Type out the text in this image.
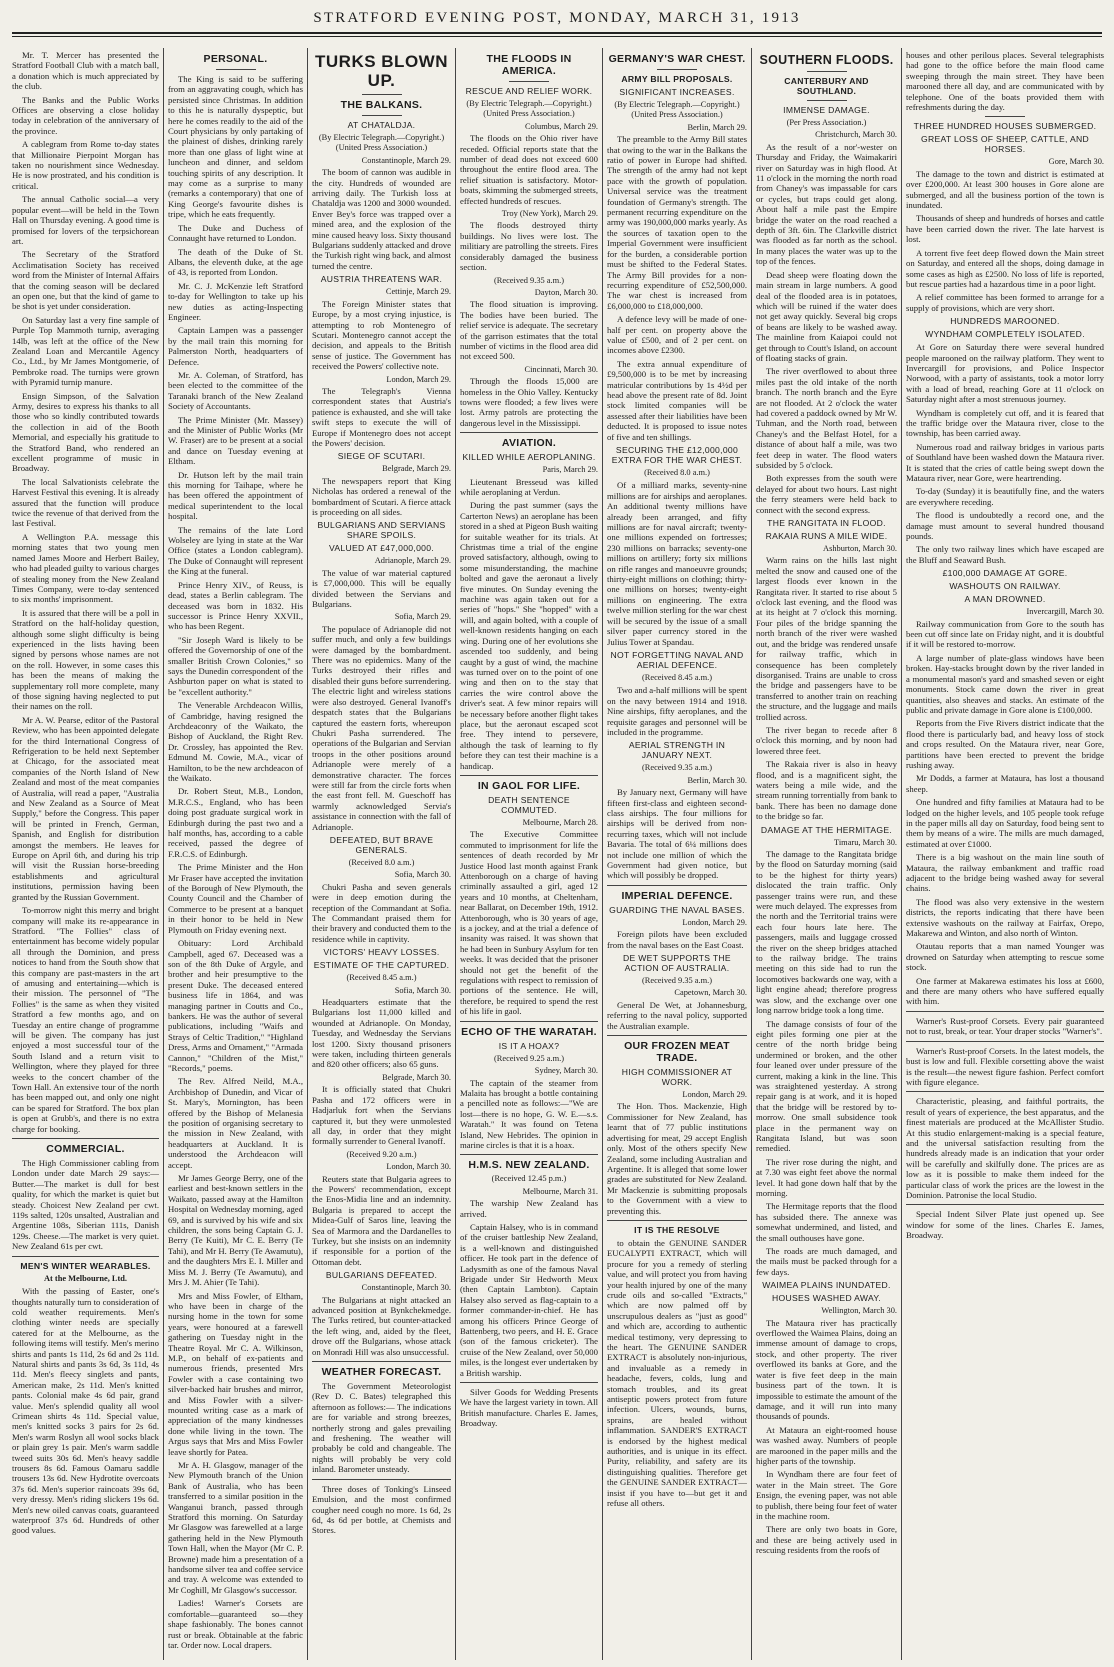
STRATFORD EVENING POST, MONDAY, MARCH 31, 1913

Mr. T. Mercer has presented the Stratford Football Club with a match ball, a donation which is much appreciated by the club.

The Banks and the Public Works Offices are observing a close holiday today in celebration of the anniversary of the province.

A cablegram from Rome to-day states that Millionaire Pierpoint Morgan has taken no nourishment since Wednesday. He is now prostrated, and his condition is critical.

The annual Catholic social—a very popular event—will be held in the Town Hall on Thursday evening. A good time is promised for lovers of the terpsichorean art.

The Secretary of the Stratford Acclimatisation Society has received word from the Minister of Internal Affairs that the coming season will be declared an open one, but that the kind of game to be shot is yet under consideration.

On Saturday last a very fine sample of Purple Top Mammoth turnip, averaging 14lb, was left at the office of the New Zealand Loan and Mercantile Agency Co., Ltd., by Mr James Montgomerie, of Pembroke road. The turnips were grown with Pyramid turnip manure.

Ensign Simpson, of the Salvation Army, desires to express his thanks to all those who so kindly contributed towards the collection in aid of the Booth Memorial, and especially his gratitude to the Stratford Band, who rendered an excellent programme of music in Broadway.

The local Salvationists celebrate the Harvest Festival this evening. It is already assured that the function will produce twice the revenue of that derived from the last Festival.

A Wellington P.A. message this morning states that two young men named James Moore and Herbert Bailey, who had pleaded guilty to various charges of stealing money from the New Zealand Times Company, were to-day sentenced to six months' imprisonment.

It is assured that there will be a poll in Stratford on the half-holiday question, although some slight difficulty is being experienced in the lists having been signed by persons whose names are not on the roll. However, in some cases this has been the means of making the supplementary roll more complete, many of those signing having neglected to put their names on the roll.

Mr A. W. Pearse, editor of the Pastoral Review, who has been appointed delegate for the third International Congress of Refrigeration to be held next September at Chicago, for the associated meat companies of the North Island of New Zealand and most of the meat companies of Australia, will read a paper, "Australia and New Zealand as a Source of Meat Supply," before the Congress. This paper will be printed in French, German, Spanish, and English for distribution amongst the members. He leaves for Europe on April 6th, and during his trip will visit the Russian horse-breeding establishments and agricultural institutions, permission having been granted by the Russian Government.

To-morrow night this merry and bright company will make its re-appearance in Stratford. "The Follies" class of entertainment has become widely popular all through the Dominion, and press notices to hand from the South show that this company are past-masters in the art of amusing and entertaining—which is their mission. The personnel of "The Follies" is the same as when they visited Stratford a few months ago, and on Tuesday an entire change of programme will be given. The company has just enjoyed a most successful tour of the South Island and a return visit to Wellington, where they played for three weeks to the concert chamber of the Town Hall. An extensive tour of the north has been mapped out, and only one night can be spared for Stratford. The box plan is open at Grubb's, and there is no extra charge for booking.

COMMERCIAL.

The High Commissioner cabling from London under date March 29 says:—Butter.—The market is dull for best quality, for which the market is quiet but steady. Choicest New Zealand per cwt. 119s salted, 120s unsalted, Australian and Argentine 108s, Siberian 111s, Danish 129s. Cheese.—The market is very quiet. New Zealand 61s per cwt.

MEN'S WINTER WEARABLES.
At the Melbourne, Ltd.

With the passing of Easter, one's thoughts naturally turn to consideration of cold weather requirements. Men's clothing winter needs are specially catered for at the Melbourne, as the following items will testify. Men's merino shirts and pants 1s 11d, 2s 6d and 2s 11d. Natural shirts and pants 3s 6d, 3s 11d, 4s 11d. Men's fleecy singlets and pants, American make, 2s 11d. Men's knitted pants. Colonial make 4s 6d pair, grand value. Men's splendid quality all wool Crimean shirts 4s 11d. Special value, men's knitted socks 3 pairs for 2s 6d. Men's warm Roslyn all wool socks black or plain grey 1s pair. Men's warm saddle tweed suits 30s 6d. Men's heavy saddle trousers 8s 6d. Famous Oamaru saddle trousers 13s 6d. New Hydrotite overcoats 37s 6d. Men's superior raincoats 39s 6d, very dressy. Men's riding slickers 19s 6d. Men's new oiled canvas coats, guaranteed waterproof 37s 6d. Hundreds of other good values.

PERSONAL.

The King is said to be suffering from an aggravating cough, which has persisted since Christmas. In addition to this he is naturally dyspeptic, but here he comes readily to the aid of the Court physicians by only partaking of the plainest of dishes, drinking rarely more than one glass of light wine at luncheon and dinner, and seldom touching spirits of any description. It may come as a surprise to many (remarks a contemporary) that one of King George's favourite dishes is tripe, which he eats frequently.

The Duke and Duchess of Connaught have returned to London.

The death of the Duke of St. Albans, the eleventh duke, at the age of 43, is reported from London.

Mr. C. J. McKenzie left Stratford to-day for Wellington to take up his new duties as acting-Inspecting Engineer.

Captain Lampen was a passenger by the mail train this morning for Palmerston North, headquarters of Defence.

Mr. A. Coleman, of Stratford, has been elected to the committee of the Taranaki branch of the New Zealand Society of Accountants.

The Prime Minister (Mr. Massey) and the Minister of Public Works (Mr W. Fraser) are to be present at a social and dance on Tuesday evening at Eltham.

Dr. Hutson left by the mail train this morning for Taihape, where he has been offered the appointment of medical superintendent to the local hospital.

The remains of the late Lord Wolseley are lying in state at the War Office (states a London cablegram). The Duke of Connaught will represent the King at the funeral.

Prince Henry XIV., of Reuss, is dead, states a Berlin cablegram. The deceased was born in 1832. His successor is Prince Henry XXVII., who has been Regent.

"Sir Joseph Ward is likely to be offered the Governorship of one of the smaller British Crown Colonies," so says the Dunedin correspondent of the Ashburton paper on what is stated to be "excellent authority."

The Venerable Archdeacon Willis, of Cambridge, having resigned the Archdeaconry of the Waikato, the Bishop of Auckland, the Right Rev. Dr. Crossley, has appointed the Rev. Edmund M. Cowie, M.A., vicar of Hamilton, to be the new archdeacon of the Waikato.

Dr. Robert Steut, M.B., London, M.R.C.S., England, who has been doing post graduate surgical work in Edinburgh during the past two and a half months, has, according to a cable received, passed the degree of F.R.C.S. of Edinburgh.

The Prime Minister and the Hon Mr Fraser have accepted the invitation of the Borough of New Plymouth, the County Council and the Chamber of Commerce to be present at a banquet in their honor to be held in New Plymouth on Friday evening next.

Obituary: Lord Archibald Campbell, aged 67. Deceased was a son of the 8th Duke of Argyle, and brother and heir presumptive to the present Duke. The deceased entered business life in 1864, and was managing partner in Coutts and Co., bankers. He was the author of several publications, including "Waifs and Strays of Celtic Tradition," "Highland Dress, Arms and Ornament," "Armada Cannon," "Children of the Mist," "Records," poems.

The Rev. Alfred Neild, M.A., Archbishop of Dunedin, and Vicar of St. Mary's, Mornington, has been offered by the Bishop of Melanesia the position of organising secretary to the mission in New Zealand, with headquarters at Auckland. It is understood the Archdeacon will accept.

Mr James George Berry, one of the earliest and best-known settlers in the Waikato, passed away at the Hamilton Hospital on Wednesday morning, aged 69, and is survived by his wife and six children, the sons being Captain G. J. Berry (Te Kuiti), Mr C. E. Berry (Te Tahi), and Mr H. Berry (Te Awamutu), and the daughters Mrs E. I. Miller and Miss M. J. Berry (Te Awamutu), and Mrs J. M. Ahier (Te Tahi).

Mrs and Miss Fowler, of Eltham, who have been in charge of the nursing home in the town for some years, were honoured at a farewell gathering on Tuesday night in the Theatre Royal. Mr C. A. Wilkinson, M.P., on behalf of ex-patients and numerous friends, presented Mrs Fowler with a case containing two silver-backed hair brushes and mirror, and Miss Fowler with a silver-mounted writing case as a mark of appreciation of the many kindnesses done while living in the town. The Argus says that Mrs and Miss Fowler leave shortly for Patea.

Mr A. H. Glasgow, manager of the New Plymouth branch of the Union Bank of Australia, who has been transferred to a similar position in the Wanganui branch, passed through Stratford this morning. On Saturday Mr Glasgow was farewelled at a large gathering held in the New Plymouth Town Hall, when the Mayor (Mr C. P. Browne) made him a presentation of a handsome silver tea and coffee service and tray. A welcome was extended to Mr Coghill, Mr Glasgow's successor.

Ladies! Warner's Corsets are comfortable—guaranteed so—they shape fashionably. The bones cannot rust or break. Obtainable at the fabric tar. Order now. Local drapers.

TURKS BLOWN UP.
THE BALKANS.
AT CHATALDJA.
(By Electric Telegraph.—Copyright.) (United Press Association.)
Constantinople, March 29.

The boom of cannon was audible in the city. Hundreds of wounded are arriving daily. The Turkish loss at Chataldja was 1200 and 3000 wounded. Enver Bey's force was trapped over a mined area, and the explosion of the mine caused heavy loss. Sixty thousand Bulgarians suddenly attacked and drove the Turkish right wing back, and almost turned the centre.

AUSTRIA THREATENS WAR.
Cettinje, March 29.

The Foreign Minister states that Europe, by a most crying injustice, is attempting to rob Montenegro of Scutari. Montenegro cannot accept the decision, and appeals to the British sense of justice. The Government has received the Powers' collective note.

London, March 29.

The Telegraph's Vienna correspondent states that Austria's patience is exhausted, and she will take swift steps to execute the will of Europe if Montenegro does not accept the Powers' decision.

SIEGE OF SCUTARI.
Belgrade, March 29.

The newspapers report that King Nicholas has ordered a renewal of the bombardment of Scutari. A fierce attack is proceeding on all sides.

BULGARIANS AND SERVIANS SHARE SPOILS.
VALUED AT £47,000,000.
Adrianople, March 29.

The value of war material captured is £7,000,000. This will be equally divided between the Servians and Bulgarians.

Sofia, March 29.

The populace of Adrianople did not suffer much, and only a few buildings were damaged by the bombardment. There was no epidemics. Many of the Turks destroyed their rifles and disabled their guns before surrendering. The electric light and wireless stations were also destroyed. General Ivanoff's despatch states that the Bulgarians captured the eastern forts, whereupon Chukri Pasha surrendered. The operations of the Bulgarian and Servian troops in the other positions around Adrianople were merely of a demonstrative character. The forces were still far from the circle forts when the east front fell. M. Gueschoff has warmly acknowledged Servia's assistance in connection with the fall of Adrianople.

DEFEATED, BUT BRAVE GENERALS.
(Received 8.0 a.m.)
Sofia, March 30.

Chukri Pasha and seven generals were in deep emotion during the reception of the Commandant at Sofia. The Commandant praised them for their bravery and conducted them to the residence while in captivity.

VICTORS' HEAVY LOSSES.
ESTIMATE OF THE CAPTURED.
(Received 8.45 a.m.)
Sofia, March 30.

Headquarters estimate that the Bulgarians lost 11,000 killed and wounded at Adrianople. On Monday, Tuesday, and Wednesday the Servians lost 1200. Sixty thousand prisoners were taken, including thirteen generals and 820 other officers; also 65 guns.

Belgrade, March 30.

It is officially stated that Chukri Pasha and 172 officers were in Hadjarluk fort when the Servians captured it, but they were unmolested all day, in order that they might formally surrender to General Ivanoff.

(Received 9.20 a.m.)
London, March 30.

Reuters state that Bulgaria agrees to the Powers' recommendation, except the Enos-Midia line and an indemnity. Bulgaria is prepared to accept the Midea-Gulf of Saros line, leaving the Sea of Marmora and the Dardanelles to Turkey, but she insists on an indemnity if responsible for a portion of the Ottoman debt.

BULGARIANS DEFEATED.
Constantinople, March 30.

The Bulgarians at night attacked an advanced position at Bynkchekmedge. The Turks retired, but counter-attacked the left wing, and, aided by the fleet, drove off the Bulgarians, whose attack on Monradi Hill was also unsuccessful.

WEATHER FORECAST.

The Government Meteorologist (Rev D. C. Bates) telegraphed this afternoon as follows:— The indications are for variable and strong breezes, northerly strong and gales prevailing and freshening. The weather will probably be cold and changeable. The nights will probably be very cold inland. Barometer unsteady.

Three doses of Tonking's Linseed Emulsion, and the most confirmed cougher need cough no more. 1s 6d, 2s 6d, 4s 6d per bottle, at Chemists and Stores.

THE FLOODS IN AMERICA.
RESCUE AND RELIEF WORK.
(By Electric Telegraph.—Copyright.) (United Press Association.)
Columbus, March 29.

The floods on the Ohio river have receded. Official reports state that the number of dead does not exceed 600 throughout the entire flood area. The relief situation is satisfactory. Motor-boats, skimming the submerged streets, effected hundreds of rescues.

Troy (New York), March 29.

The floods destroyed thirty buildings. No lives were lost. The militiary are patrolling the streets. Fires considerably damaged the business section.

(Received 9.35 a.m.)
Dayton, March 30.

The flood situation is improving. The bodies have been buried. The relief service is adequate. The secretary of the garrison estimates that the total number of victims in the flood area did not exceed 500.

Cincinnati, March 30.

Through the floods 15,000 are homeless in the Ohio Valley. Kentucky towns were flooded; a few lives were lost. Army patrols are protecting the dangerous level in the Mississippi.

AVIATION.
KILLED WHILE AEROPLANING.
Paris, March 29.

Lieutenant Bresseud was killed while aeroplaning at Verdun.

During the past summer (says the Carterton News) an aeroplane has been stored in a shed at Pigeon Bush waiting for suitable weather for its trials. At Christmas time a trial of the engine proved satisfactory, although, owing to some misunderstanding, the machine bolted and gave the aeronaut a lively five minutes. On Sunday evening the machine was again taken out for a series of "hops." She "hopped" with a will, and again bolted, with a couple of well-known residents hanging on each wing. During one of her evolutions she ascended too suddenly, and being caught by a gust of wind, the machine was turned over on to the point of one wing and then on to the stay that carries the wire control above the driver's seat. A few minor repairs will be necessary before another flight takes place, but the aeronaut escaped scot free. They intend to persevere, although the task of learning to fly before they can test their machine is a handicap.

IN GAOL FOR LIFE.
DEATH SENTENCE COMMUTED.
Melbourne, March 28.

The Executive Committee commuted to imprisonment for life the sentences of death recorded by Mr Justice Hood last month against Frank Attenborough on a charge of having criminally assaulted a girl, aged 12 years and 10 months, at Cheltenham, near Ballarat, on December 19th, 1912. Attenborough, who is 30 years of age, is a jockey, and at the trial a defence of insanity was raised. It was shown that he had been in Sunbury Asylum for ten weeks. It was decided that the prisoner should not get the benefit of the regulations with respect to remission of portions of the sentence. He will, therefore, be required to spend the rest of his life in gaol.

ECHO OF THE WARATAH.
IS IT A HOAX?
(Received 9.25 a.m.)
Sydney, March 30.

The captain of the steamer from Malaita has brought a bottle containing a pencilled note as follows:—"We are lost—there is no hope, G. W. E.—s.s. Waratah." It was found on Tetena Island, New Hebrides. The opinion in marine circles is that it is a hoax.

H.M.S. NEW ZEALAND.
(Received 12.45 p.m.)
Melbourne, March 31.

The warship New Zealand has arrived.

Captain Halsey, who is in command of the cruiser battleship New Zealand, is a well-known and distinguished officer. He took part in the defence of Ladysmith as one of the famous Naval Brigade under Sir Hedworth Meux (then Captain Lambton). Captain Halsey also served as flag-captain to a former commander-in-chief. He has among his officers Prince George of Battenberg, two peers, and H. E. Grace (son of the famous cricketer). The cruise of the New Zealand, over 50,000 miles, is the longest ever undertaken by a British warship.

Silver Goods for Wedding Presents We have the largest variety in town. All British manufacture. Charles E. James, Broadway.

GERMANY'S WAR CHEST.
ARMY BILL PROPOSALS.
SIGNIFICANT INCREASES.
(By Electric Telegraph.—Copyright.) (United Press Association.)
Berlin, March 29.

The preamble to the Army Bill states that owing to the war in the Balkans the ratio of power in Europe had shifted. The strength of the army had not kept pace with the growth of population. Universal service was the treatment foundation of Germany's strength. The permanent recurring expenditure on the army was 190,000,000 marks yearly. As the sources of taxation open to the Imperial Government were insufficient for the burden, a considerable portion must be shifted to the Federal States. The Army Bill provides for a non-recurring expenditure of £52,500,000. The war chest is increased from £6,000,000 to £18,000,000.

A defence levy will be made of one-half per cent. on property above the value of £500, and of 2 per cent. on incomes above £2300.

The extra annual expenditure of £9,500,000 is to be met by increasing matricular contributions by 1s 4½d per head above the present rate of 8d. Joint stock limited companies will be assessed after their liabilities have been deducted. It is proposed to issue notes of five and ten shillings.

SECURING THE £12,000,000 EXTRA FOR THE WAR CHEST.
(Received 8.0 a.m.)

Of a milliard marks, seventy-nine millions are for airships and aeroplanes. An additional twenty millions have already been arranged, and fifty millions are for naval aircraft; twenty-one millions expended on fortresses; 230 millions on barracks; seventy-one millions on artillery; forty six millions on rifle ranges and manoeuvre grounds; thirty-eight millions on clothing; thirty-one millions on horses; twenty-eight millions on engineering. The extra twelve million sterling for the war chest will be secured by the issue of a small silver paper currency stored in the Julius Tower at Spandau.

NOT FORGETTING NAVAL AND AERIAL DEFENCE.
(Received 8.45 a.m.)

Two and a-half millions will be spent on the navy between 1914 and 1918. Nine airships, fifty aeroplanes, and the requisite garages and personnel will be included in the programme.

AERIAL STRENGTH IN JANUARY NEXT.
(Received 9.35 a.m.)
Berlin, March 30.

By January next, Germany will have fifteen first-class and eighteen second-class airships. The four millions for airships will be derived from non-recurring taxes, which will not include Bavaria. The total of 6¼ millions does not include one million of which the Government had given notice, but which will possibly be dropped.

IMPERIAL DEFENCE.
GUARDING THE NAVAL BASES.
London, March 29.

Foreign pilots have been excluded from the naval bases on the East Coast.

DE WET SUPPORTS THE ACTION OF AUSTRALIA.
(Received 9.35 a.m.)
Capetown, March 30.

General De Wet, at Johannesburg, referring to the naval policy, supported the Australian example.

OUR FROZEN MEAT TRADE.
HIGH COMMISSIONER AT WORK.
London, March 29.

The Hon. Thos. Mackenzie, High Commissioner for New Zealand, has learnt that of 77 public institutions advertising for meat, 29 accept English only. Most of the others specify New Zealand, some including Australian and Argentine. It is alleged that some lower grades are substituted for New Zealand. Mr Mackenzie is submitting proposals to the Government with a view to preventing this.

IT IS THE RESOLVE

to obtain the GENUINE SANDER EUCALYPTI EXTRACT, which will procure for you a remedy of sterling value, and will protect you from having your health injured by one of the many crude oils and so-called "Extracts," which are now palmed off by unscrupulous dealers as "just as good" and which are, according to authentic medical testimony, very depressing to the heart. The GENUINE SANDER EXTRACT is absolutely non-injurious, and invaluable as a remedy in headache, fevers, colds, lung and stomach troubles, and its great antiseptic powers protect from future infection. Ulcers, wounds, burns, sprains, are healed without inflammation. SANDER'S EXTRACT is endorsed by the highest medical authorities, and is unique in its effect. Purity, reliability, and safety are its distinguishing qualities. Therefore get the GENUINE SANDER EXTRACT—insist if you have to—but get it and refuse all others.

SOUTHERN FLOODS.
CANTERBURY AND SOUTHLAND.
IMMENSE DAMAGE.
(Per Press Association.)
Christchurch, March 30.

As the result of a nor'-wester on Thursday and Friday, the Waimakariri river on Saturday was in high flood. At 11 o'clock in the morning the north road from Chaney's was impassable for cars or cycles, but traps could get along. About half a mile past the Empire bridge the water on the road reached a depth of 3ft. 6in. The Clarkville district was flooded as far north as the school. In many places the water was up to the top of the fences.

Dead sheep were floating down the main stream in large numbers. A good deal of the flooded area is in potatoes, which will be ruined if the water does not get away quickly. Several big crops of beans are likely to be washed away. The mainline from Kaiapoi could not get through to Coutt's Island, on account of floating stacks of grain.

The river overflowed to about three miles past the old intake of the north branch. The north branch and the Eyre are not flooded. At 2 o'clock the water had covered a paddock owned by Mr W. Tuhman, and the North road, between Chaney's and the Belfast Hotel, for a distance of about half a mile, was two feet deep in water. The flood waters subsided by 5 o'clock.

Both expresses from the south were delayed for about two hours. Last night the ferry steamers were held back to connect with the second express.

THE RANGITATA IN FLOOD.
RAKAIA RUNS A MILE WIDE.
Ashburton, March 30.

Warm rains on the hills last night melted the snow and caused one of the largest floods ever known in the Rangitata river. It started to rise about 5 o'clock last evening, and the flood was at its height at 7 o'clock this morning. Four piles of the bridge spanning the north branch of the river were washed out, and the bridge was rendered unsafe for railway traffic, which in consequence has been completely disorganised. Trains are unable to cross the bridge and passengers have to be transferred to another train on reaching the structure, and the luggage and mails trollied across.

The river began to recede after 8 o'clock this morning, and by noon had lowered three feet.

The Rakaia river is also in heavy flood, and is a magnificent sight, the waters being a mile wide, and the stream running torrentially from bank to bank. There has been no damage done to the bridge so far.

DAMAGE AT THE HERMITAGE.
Timaru, March 30.

The damage to the Rangitata bridge by the flood on Saturday morning (said to be the highest for thirty years) dislocated the train traffic. Only passenger trains were run, and these were much delayed. The expresses from the north and the Territorial trains were each four hours late here. The passengers, mails and luggage crossed the river on the sheep bridges attached to the railway bridge. The trains meeting on this side had to run the locomotives backwards one way, with a light engine ahead; therefore progress was slow, and the exchange over one long narrow bridge took a long time.

The damage consists of four of the eight piles forming one pier at the centre of the north bridge being undermined or broken, and the other four leaned over under pressure of the current, making a kink in the line. This was straightened yesterday. A strong repair gang is at work, and it is hoped that the bridge will be restored by to-morrow. One small subsidence took place in the permanent way on Rangitata Island, but was soon remedied.

The river rose during the night, and at 7.30 was eight feet above the normal level. It had gone down half that by the morning.

The Hermitage reports that the flood has subsided there. The annexe was somewhat undermined, and listed, and the small outhouses have gone.

The roads are much damaged, and the mails must be packed through for a few days.

WAIMEA PLAINS INUNDATED.
HOUSES WASHED AWAY.
Wellington, March 30.

The Mataura river has practically overflowed the Waimea Plains, doing an immense amount of damage to crops, stock, and other property. The river overflowed its banks at Gore, and the water is five feet deep in the main business part of the town. It is impossible to estimate the amount of the damage, and it will run into many thousands of pounds.

At Mataura an eight-roomed house was washed away. Numbers of people are marooned in the paper mills and the higher parts of the township.

In Wyndham there are four feet of water in the Main street. The Gore Ensign, the evening paper, was not able to publish, there being four feet of water in the machine room.

There are only two boats in Gore, and these are being actively used in rescuing residents from the roofs of

houses and other perilous places. Several telegraphists had gone to the office before the main flood came sweeping through the main street. They have been marooned there all day, and are communicated with by telephone. One of the boats provided them with refreshments during the day.

THREE HUNDRED HOUSES SUBMERGED.
GREAT LOSS OF SHEEP, CATTLE, AND HORSES.
Gore, March 30.

The damage to the town and district is estimated at over £200,000. At least 300 houses in Gore alone are submerged, and all the business portion of the town is inundated.

Thousands of sheep and hundreds of horses and cattle have been carried down the river. The late harvest is lost.

A torrent five feet deep flowed down the Main street on Saturday, and entered all the shops, doing damage in some cases as high as £2500. No loss of life is reported, but rescue parties had a hazardous time in a poor light.

A relief committee has been formed to arrange for a supply of provisions, which are very short.

HUNDREDS MAROONED.
WYNDHAM COMPLETELY ISOLATED.

At Gore on Saturday there were several hundred people marooned on the railway platform. They went to Invercargill for provisions, and Police Inspector Norwood, with a party of assistants, took a motor lorry with a load of bread, reaching Gore at 11 o'clock on Saturday night after a most strenuous journey.

Wyndham is completely cut off, and it is feared that the traffic bridge over the Mataura river, close to the township, has been carried away.

Numerous road and railway bridges in various parts of Southland have been washed down the Mataura river. It is stated that the cries of cattle being swept down the Mataura river, near Gore, were heartrending.

To-day (Sunday) it is beautifully fine, and the waters are everywhere receding.

The flood is undoubtedly a record one, and the damage must amount to several hundred thousand pounds.

The only two railway lines which have escaped are the Bluff and Seaward Bush.

£100,000 DAMAGE AT GORE.
WASHOUTS ON RAILWAY.
A MAN DROWNED.
Invercargill, March 30.

Railway communication from Gore to the south has been cut off since late on Friday night, and it is doubtful if it will be restored to-morrow.

A large number of plate-glass windows have been broken. Hay-stacks brought down by the river landed in a monumental mason's yard and smashed seven or eight monuments. Stock came down the river in great quantities, also sheaves and stacks. An estimate of the public and private damage in Gore alone is £100,000.

Reports from the Five Rivers district indicate that the flood there is particularly bad, and heavy loss of stock and crops resulted. On the Mataura river, near Gore, partitions have been erected to prevent the bridge rushing away.

Mr Dodds, a farmer at Mataura, has lost a thousand sheep.

One hundred and fifty families at Mataura had to be lodged on the higher levels, and 105 people took refuge in the paper mills all day on Saturday, food being sent to them by means of a wire. The mills are much damaged, estimated at over £1000.

There is a big washout on the main line south of Mataura, the railway embankment and traffic road adjacent to the bridge being washed away for several chains.

The flood was also very extensive in the western districts, the reports indicating that there have been extensive washouts on the railway at Fairfax, Orepo, Makarewa and Winton, and also north of Winton.

Otautau reports that a man named Younger was drowned on Saturday when attempting to rescue some stock.

One farmer at Makarewa estimates his loss at £600, and there are many others who have suffered equally with him.

Warner's Rust-proof Corsets. Every pair guaranteed not to rust, break, or tear. Your draper stocks "Warner's".

Warner's Rust-proof Corsets. In the latest models, the bust is low and full. Flexible corsetting above the waist is the result—the newest figure fashion. Perfect comfort with figure elegance.

Characteristic, pleasing, and faithful portraits, the result of years of experience, the best apparatus, and the finest materials are produced at the McAllister Studio. At this studio enlargement-making is a special feature, and the universal satisfaction resulting from the hundreds already made is an indication that your order will be carefully and skilfully done. The prices are as low as it is possible to make them indeed for the particular class of work the prices are the lowest in the Dominion. Patronise the local Studio.

Special Indent Silver Plate just opened up. See window for some of the lines. Charles E. James, Broadway.
